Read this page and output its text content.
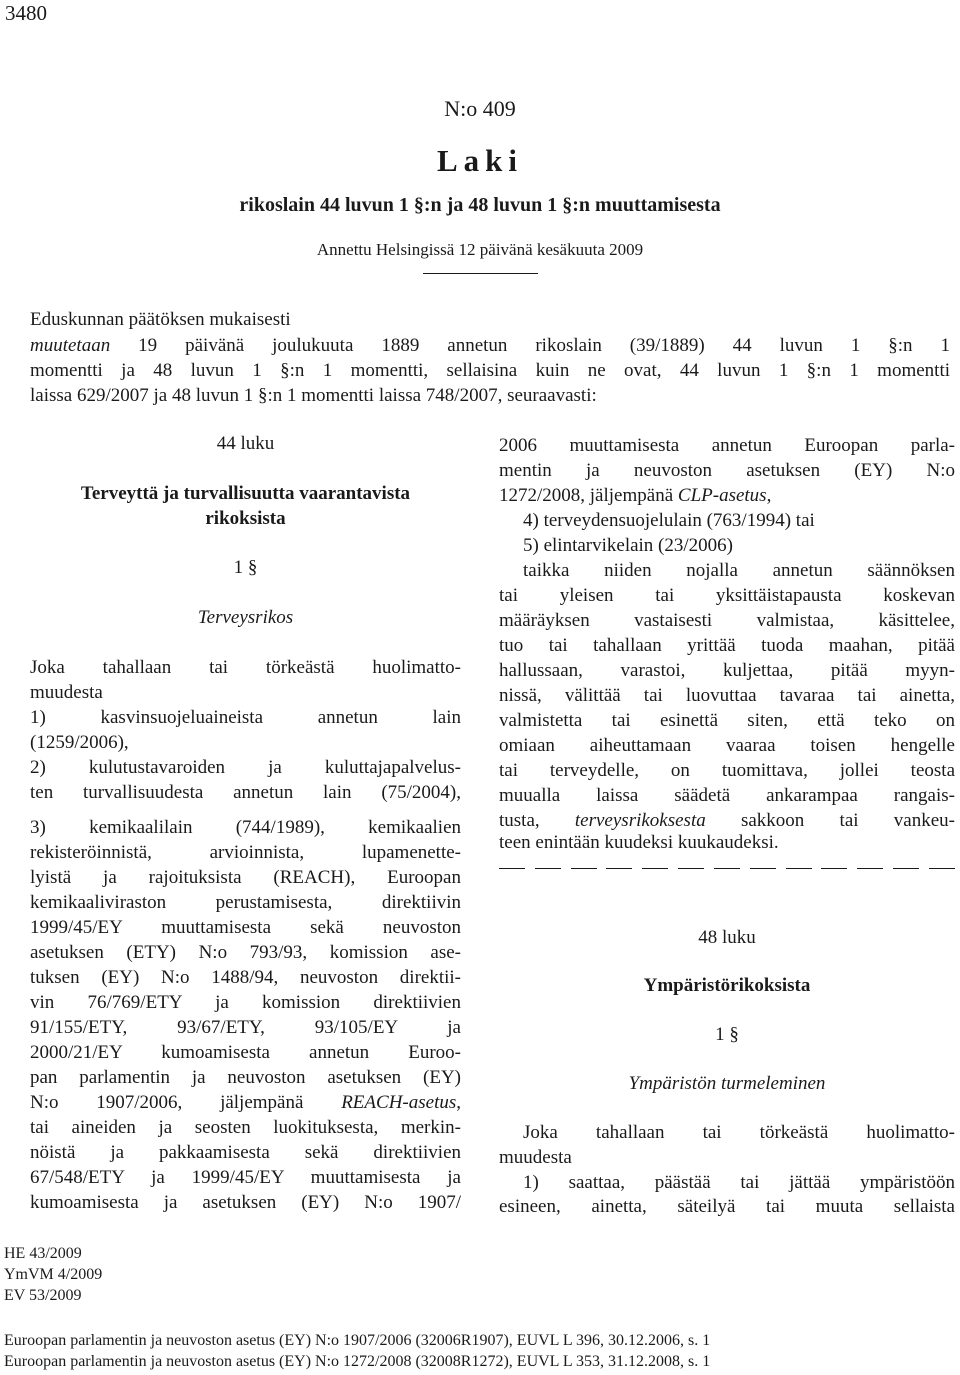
3480
N:o 409
Laki
rikoslain 44 luvun 1 §:n ja 48 luvun 1 §:n muuttamisesta
Annettu Helsingissä 12 päivänä kesäkuuta 2009
Eduskunnan päätöksen mukaisesti
muutetaan 19 päivänä joulukuuta 1889 annetun rikoslain (39/1889) 44 luvun 1 §:n 1
momentti ja 48 luvun 1 §:n 1 momentti, sellaisina kuin ne ovat, 44 luvun 1 §:n 1 momentti
laissa 629/2007 ja 48 luvun 1 §:n 1 momentti laissa 748/2007, seuraavasti:
44 luku
Terveyttä ja turvallisuutta vaarantavista
rikoksista
1 §
Terveysrikos
Joka tahallaan tai törkeästä huolimatto-
muudesta
1) kasvinsuojeluaineista annetun lain
(1259/2006),
2) kulutustavaroiden ja kuluttajapalvelus-
ten turvallisuudesta annetun lain (75/2004),
3) kemikaalilain (744/1989), kemikaalien
rekisteröinnistä, arvioinnista, lupamenette-
lyistä ja rajoituksista (REACH), Euroopan
kemikaaliviraston perustamisesta, direktiivin
1999/45/EY muuttamisesta sekä neuvoston
asetuksen (ETY) N:o 793/93, komission ase-
tuksen (EY) N:o 1488/94, neuvoston direktii-
vin 76/769/ETY ja komission direktiivien
91/155/ETY, 93/67/ETY, 93/105/EY ja
2000/21/EY kumoamisesta annetun Euroo-
pan parlamentin ja neuvoston asetuksen (EY)
N:o 1907/2006, jäljempänä REACH-asetus,
tai aineiden ja seosten luokituksesta, merkin-
nöistä ja pakkaamisesta sekä direktiivien
67/548/ETY ja 1999/45/EY muuttamisesta ja
kumoamisesta ja asetuksen (EY) N:o 1907/
2006 muuttamisesta annetun Euroopan parla-
mentin ja neuvoston asetuksen (EY) N:o
1272/2008, jäljempänä CLP-asetus,
4) terveydensuojelulain (763/1994) tai
5) elintarvikelain (23/2006)
taikka niiden nojalla annetun säännöksen
tai yleisen tai yksittäistapausta koskevan
määräyksen vastaisesti valmistaa, käsittelee,
tuo tai tahallaan yrittää tuoda maahan, pitää
hallussaan, varastoi, kuljettaa, pitää myyn-
nissä, välittää tai luovuttaa tavaraa tai ainetta,
valmistetta tai esinettä siten, että teko on
omiaan aiheuttamaan vaaraa toisen hengelle
tai terveydelle, on tuomittava, jollei teosta
muualla laissa säädetä ankarampaa rangais-
tusta, terveysrikoksesta sakkoon tai vankeu-
teen enintään kuudeksi kuukaudeksi.
48 luku
Ympäristörikoksista
1 §
Ympäristön turmeleminen
Joka tahallaan tai törkeästä huolimatto-
muudesta
1) saattaa, päästää tai jättää ympäristöön
esineen, ainetta, säteilyä tai muuta sellaista
HE 43/2009
YmVM 4/2009
EV 53/2009
Euroopan parlamentin ja neuvoston asetus (EY) N:o 1907/2006 (32006R1907), EUVL L 396, 30.12.2006, s. 1
Euroopan parlamentin ja neuvoston asetus (EY) N:o 1272/2008 (32008R1272), EUVL L 353, 31.12.2008, s. 1
